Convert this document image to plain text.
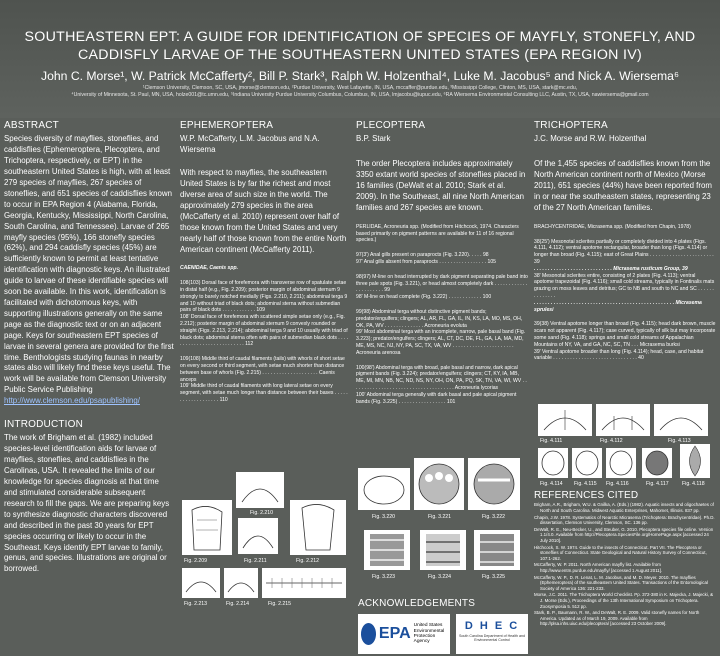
SOUTHEASTERN EPT: A GUIDE FOR IDENTIFICATION OF SPECIES OF MAYFLY, STONEFLY, AND
CADDISFLY LARVAE OF THE SOUTHEASTERN UNITED STATES (EPA REGION IV)
John C. Morse¹, W. Patrick McCafferty², Bill P. Stark³, Ralph W. Holzenthal⁴, Luke M. Jacobus⁵ and Nick A. Wiersema⁶
¹Clemson University, Clemson, SC, USA, jmorse@clemson.edu, ²Purdue University, West Lafayette, IN, USA, mccaffer@purdue.edu, ³Mississippi College, Clinton, MS, USA, stark@mc.edu,
⁴University of Minnesota, St. Paul, MN, USA, holze001@tc.umn.edu, ⁵Indiana University Purdue University Columbus, Columbus, IN, USA, lmjacobu@iupuc.edu, ⁶RA Wiersema Environmental Consulting LLC, Austin, TX, USA, nawiersema@gmail.com
ABSTRACT

Species diversity of mayflies, stoneflies, and caddisflies (Ephemeroptera, Plecoptera, and Trichoptera, respectively, or EPT) in the southeastern United States is high, with at least 279 species of mayflies, 267 species of stoneflies, and 651 species of caddisflies known to occur in EPA Region 4 (Alabama, Florida, Georgia, Kentucky, Mississippi, North Carolina, South Carolina, and Tennessee). Larvae of 265 mayfly species (95%), 166 stonefly species (62%), and 294 caddisfly species (45%) are sufficiently known to permit at least tentative identification with diagnostic keys. An illustrated guide to larvae of these identifiable species will soon be available. In this work, identification is facilitated with dichotomous keys, with supporting illustrations generally on the same page as the diagnostic text or on an adjacent page. Keys for southeastern EPT species of larvae in several genera are provided for the first time. Benthologists studying faunas in nearby states also will likely find these keys useful. The work will be available from Clemson University Public Service Publishing
http://www.clemson.edu/psapublishing/

INTRODUCTION

The work of Brigham et al. (1982) included species-level identification aids for larvae of mayflies, stoneflies, and caddisflies in the Carolinas, USA. It revealed the limits of our knowledge for species diagnosis at that time and stimulated considerable subsequent research to fill the gaps. We are preparing keys to synthesize diagnostic characters discovered and described in the past 30 years for EPT species occurring or likely to occur in the Southeast. Keys identify EPT larvae to family, genus, and species. Illustrations are original or borrowed.

EPHEMEROPTERA

W.P. McCafferty, L.M. Jacobus and N.A. Wiersema

With respect to mayflies, the southeastern United States is by far the richest and most diverse area of such size in the world. The approximately 279 species in the area (McCafferty et al. 2010) represent over half of those known from the United States and very nearly half of those known from the entire North American continent (McCafferty 2011).

CAENIDAE, Caenis spp.

108(103) Dorsal face of forefemora with transverse row of spatulate setae in distal half (e.g., Fig. 2.209); posterior margin of abdominal sternum 9 strongly to barely notched medially (Figs. 2.210, 2.211); abdominal terga 9 and 10 without triad of black dots; abdominal sterna without submedian pairs of black dots . . . . . . . . . . . . 109

108' Dorsal face of forefemora with scattered simple setae only (e.g., Fig. 2.212); posterior margin of abdominal sternum 9 convexly rounded or straight (Figs. 2.213, 2.214); abdominal terga 9 and 10 usually with triad of black dots; abdominal sterna often with pairs of submedian black dots . . . . . . . . . . . . . . . . . . . . . . . . . . . 112

109(108) Middle third of caudal filaments (tails) with whorls of short setae on every second or third segment, with setae much shorter than distance between base of whorls (Fig. 2.215) . . . . . . . . . . . . . . . . . . . . Caenis anceps

109' Middle third of caudal filaments with long lateral setae on every segment, with setae much longer than distance between their bases . . . . . . . . . . . . . . . . . . . 110

Fig. 2.209
Fig. 2.210
Fig. 2.211	Fig. 2.212
Fig. 2.213	Fig. 2.214	Fig. 2.215
PLECOPTERA

B.P. Stark

The order Plecoptera includes approximately 3350 extant world species of stoneflies placed in 16 families (DeWalt et al. 2010; Stark et al. 2009). In the Southeast, all nine North American families and 267 species are known.

PERLIDAE, Acroneuria spp. (Modified from Hitchcock, 1974. Characters based primarily on pigment patterns are available for 11 of 16 regional species.)

97(3') Anal gills present on paraprocts (Fig. 3.220). . . . . 98

97' Anal gills absent from paraprocts . . . . . . . . . . . . . . . . . 105

98(97) M-line on head interrupted by dark pigment separating pale band into three pale spots (Fig. 3.221), or head almost completely dark . . . . . . . . . . . . . . . . . . . . . . 99

98' M-line on head complete (Fig. 3.222) . . . . . . . . . . . . 100

99(98) Abdominal terga without distinctive pigment bands; predator/engulfers; clingers; AL, AR, FL, GA, IL, IN, KS, LA, MO, MS, OH, OK, PA, WV . . . . . . . . . . . . . . Acroneuria evoluta

99' Most abdominal terga with an incomplete, narrow, pale basal band (Fig. 3.223); predator/engulfers; clingers; AL, CT, DC, DE, FL, GA, LA, MA, MD, ME, MS, NC, NJ, NY, PA, SC, TX, VA, WV . . . . . . . . . . . . . . . . . . . . . . Acroneuria arenosa

100(98') Abdominal terga with broad, pale basal and narrow, dark apical pigment bands (Fig. 3.224); predator/engulfers; clingers; CT, KY, IA, MB, ME, MI, MN, NB, NC, ND, NS, NY, OH, ON, PA, PQ, SK, TN, VA, WI, WV . . . . . . . . . . . . . . . . . . . . . . . . . . . . . . . . . . . . . Acroneuria lycorias

100' Abdominal terga generally with dark basal and pale apical pigment bands (Fig. 3.225) . . . . . . . . . . . . . . . . . 101

Fig. 3.220	Fig. 3.221	Fig. 3.222
Fig. 3.223	Fig. 3.224	Fig. 3.225
TRICHOPTERA

J.C. Morse and R.W. Holzenthal

Of the 1,455 species of caddisflies known from the North American continent north of Mexico (Morse 2011), 651 species (44%) have been reported from in or near the southeastern states, representing 23 of the 27 North American families.

BRACHYCENTRIDAE, Micrasema spp. (Modified from Chapin, 1978)

38(25') Mesonotal sclerites partially or completely divided into 4 plates (Figs. 4.111, 4.112); ventral apotome rectangular, broader than long (Figs. 4.114) or longer than broad (Fig. 4.115); east of Great Plains . . . . . . . . . . . . . . . . . . . . . . . 39

. . . . . . . . . . . . . . . . . . . . . . . . . . . . Micrasema rusticum Group, 39

38' Mesonotal sclerites entire, consisting of 2 plates (Fig. 4.113); ventral apotome trapezoidal (Fig. 4.116); small cold streams, typically in Fontinalis mats grazing on moss leaves and detritus; GC to NB and south to NC and SC . . . . . . . . . . . . . .

. . . . . . . . . . . . . . . . . . . . . . . . . . . . . . . . . . . . . . . . . . . . . . . . . . Micrasema sprulesi

39(38) Ventral apotome longer than broad (Fig. 4.115); head dark brown, muscle scars not apparent (Fig. 4.117); case curved, typically of silk but may incorporate some sand (Fig. 4.118); springs and small cold streams of Appalachian Mountains of NY, VA, and GA, NC, SC, TN . . . Micrasema burksi

39' Ventral apotome broader than long (Fig. 4.114); head, case, and habitat variable . . . . . . . . . . . . . . . . . . . . . . . . . . . . . . 40

Fig. 4.111	Fig. 4.112	Fig. 4.113
Fig. 4.114 Fig. 4.115 Fig. 4.116	Fig. 4.117	Fig. 4.118
REFERENCES CITED
Brigham, A.R., Brigham, W.U. & Gnilka, A. (Eds.) (1982). Aquatic insects and oligochaetes of North and South Carolina. Midwest Aquatic Enterprises, Mahomet, Illinois. 837 pp.
Chapin, J.W. 1978. Systematics of Nearctic Micrasema (Trichoptera: Brachycentridae). Ph.D. dissertation, Clemson University, Clemson, SC. 136 pp.
DeWalt, R. E., Neu-Becker, U., and Steuber, G. 2010. Plecoptera species file online. Version 1.1/4.0. Available from http://Plecoptera.SpeciesFile.org/HomePage.aspx [accessed 24 July 2010].
Hitchcock, S. W. 1974. Guide to the insects of Connecticut. Part VII. The Plecoptera or stoneflies of Connecticut. State Geological and Natural History Survey of Connecticut, 107:1-262.
McCafferty, W. P. 2011. North American mayfly list. Available from http://www.entm.purdue.edu/mayfly/ [accessed 1 August 2011].
McCafferty, W. P., D. R. Lenat, L. M. Jacobus, and M. D. Meyer. 2010. The mayflies (Ephemeroptera) of the southeastern United States. Transactions of the Entomological Society of America 136: 221-233.
Morse, J.C. 2011. The Trichoptera World Checklist. Pp. 372-380 in K. Majecka, J. Majecki, & J. Morse (Eds.), Proceedings of the 13th International Symposium on Trichoptera. Zoosymposia 5. 512 pp.
Stark, B. P., Baumann, R. W., and DeWalt, R. E. 2009. Valid stonefly names for North America. Updated as of March 19, 2009. Available from http://plsa.inhs.uiuc.edu/plecoptera/ [accessed 23 October 2009].
ACKNOWLEDGEMENTS
EPA United States
Environmental Protection
Agency
D H E C
South Carolina Department of Health and Environmental Control
